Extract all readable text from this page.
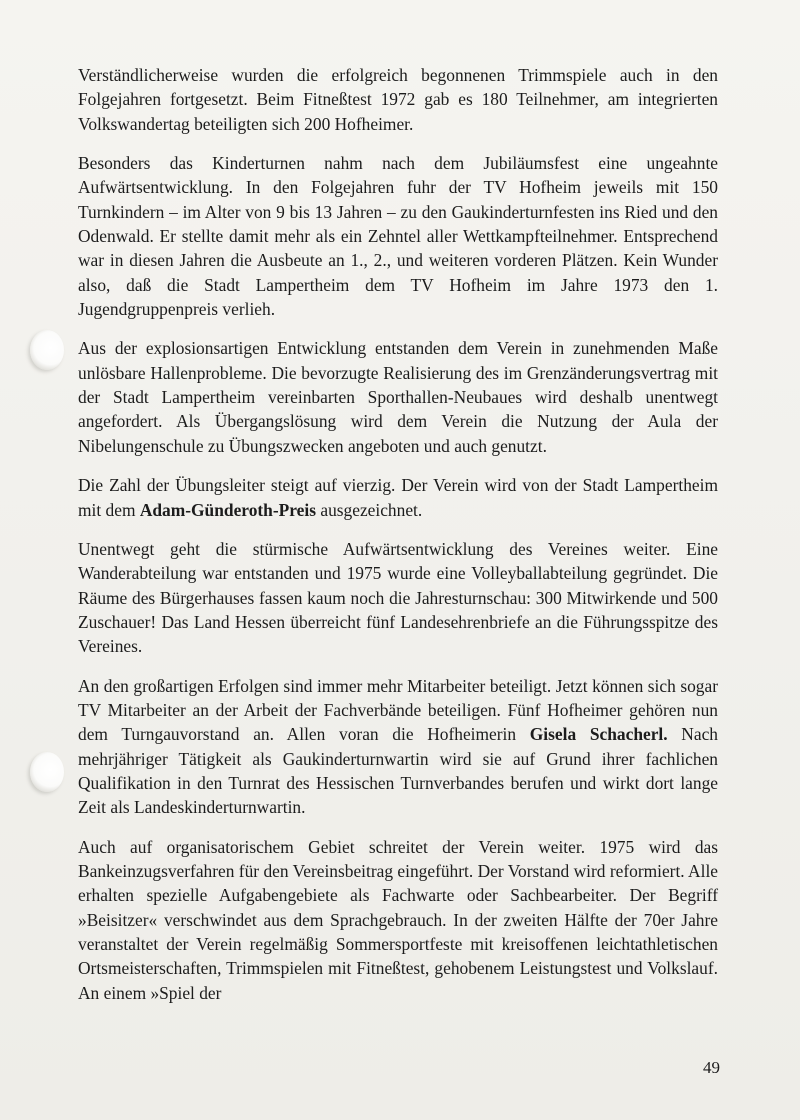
Verständlicherweise wurden die erfolgreich begonnenen Trimmspiele auch in den Folgejahren fortgesetzt. Beim Fitneßtest 1972 gab es 180 Teilnehmer, am integrierten Volkswandertag beteiligten sich 200 Hofheimer.

Besonders das Kinderturnen nahm nach dem Jubiläumsfest eine ungeahnte Aufwärtsentwicklung. In den Folgejahren fuhr der TV Hofheim jeweils mit 150 Turnkindern – im Alter von 9 bis 13 Jahren – zu den Gaukinderturnfesten ins Ried und den Odenwald. Er stellte damit mehr als ein Zehntel aller Wettkampfteilnehmer. Entsprechend war in diesen Jahren die Ausbeute an 1., 2., und weiteren vorderen Plätzen. Kein Wunder also, daß die Stadt Lampertheim dem TV Hofheim im Jahre 1973 den 1. Jugendgruppenpreis verlieh.

Aus der explosionsartigen Entwicklung entstanden dem Verein in zunehmenden Maße unlösbare Hallenprobleme. Die bevorzugte Realisierung des im Grenzänderungsvertrag mit der Stadt Lampertheim vereinbarten Sporthallen-Neubaues wird deshalb unentwegt angefordert. Als Übergangslösung wird dem Verein die Nutzung der Aula der Nibelungenschule zu Übungszwecken angeboten und auch genutzt.

Die Zahl der Übungsleiter steigt auf vierzig. Der Verein wird von der Stadt Lampertheim mit dem Adam-Günderoth-Preis ausgezeichnet.

Unentwegt geht die stürmische Aufwärtsentwicklung des Vereines weiter. Eine Wanderabteilung war entstanden und 1975 wurde eine Volleyballabteilung gegründet. Die Räume des Bürgerhauses fassen kaum noch die Jahresturnschau: 300 Mitwirkende und 500 Zuschauer! Das Land Hessen überreicht fünf Landesehrenbriefe an die Führungsspitze des Vereines.

An den großartigen Erfolgen sind immer mehr Mitarbeiter beteiligt. Jetzt können sich sogar TV Mitarbeiter an der Arbeit der Fachverbände beteiligen. Fünf Hofheimer gehören nun dem Turngauvorstand an. Allen voran die Hofheimerin Gisela Schacherl. Nach mehrjähriger Tätigkeit als Gaukinderturnwartin wird sie auf Grund ihrer fachlichen Qualifikation in den Turnrat des Hessischen Turnverbandes berufen und wirkt dort lange Zeit als Landeskinderturnwartin.

Auch auf organisatorischem Gebiet schreitet der Verein weiter. 1975 wird das Bankeinzugsverfahren für den Vereinsbeitrag eingeführt. Der Vorstand wird reformiert. Alle erhalten spezielle Aufgabengebiete als Fachwarte oder Sachbearbeiter. Der Begriff »Beisitzer« verschwindet aus dem Sprachgebrauch. In der zweiten Hälfte der 70er Jahre veranstaltet der Verein regelmäßig Sommersportfeste mit kreisoffenen leichtathletischen Ortsmeisterschaften, Trimmspielen mit Fitneßtest, gehobenem Leistungstest und Volkslauf. An einem »Spiel der

49
